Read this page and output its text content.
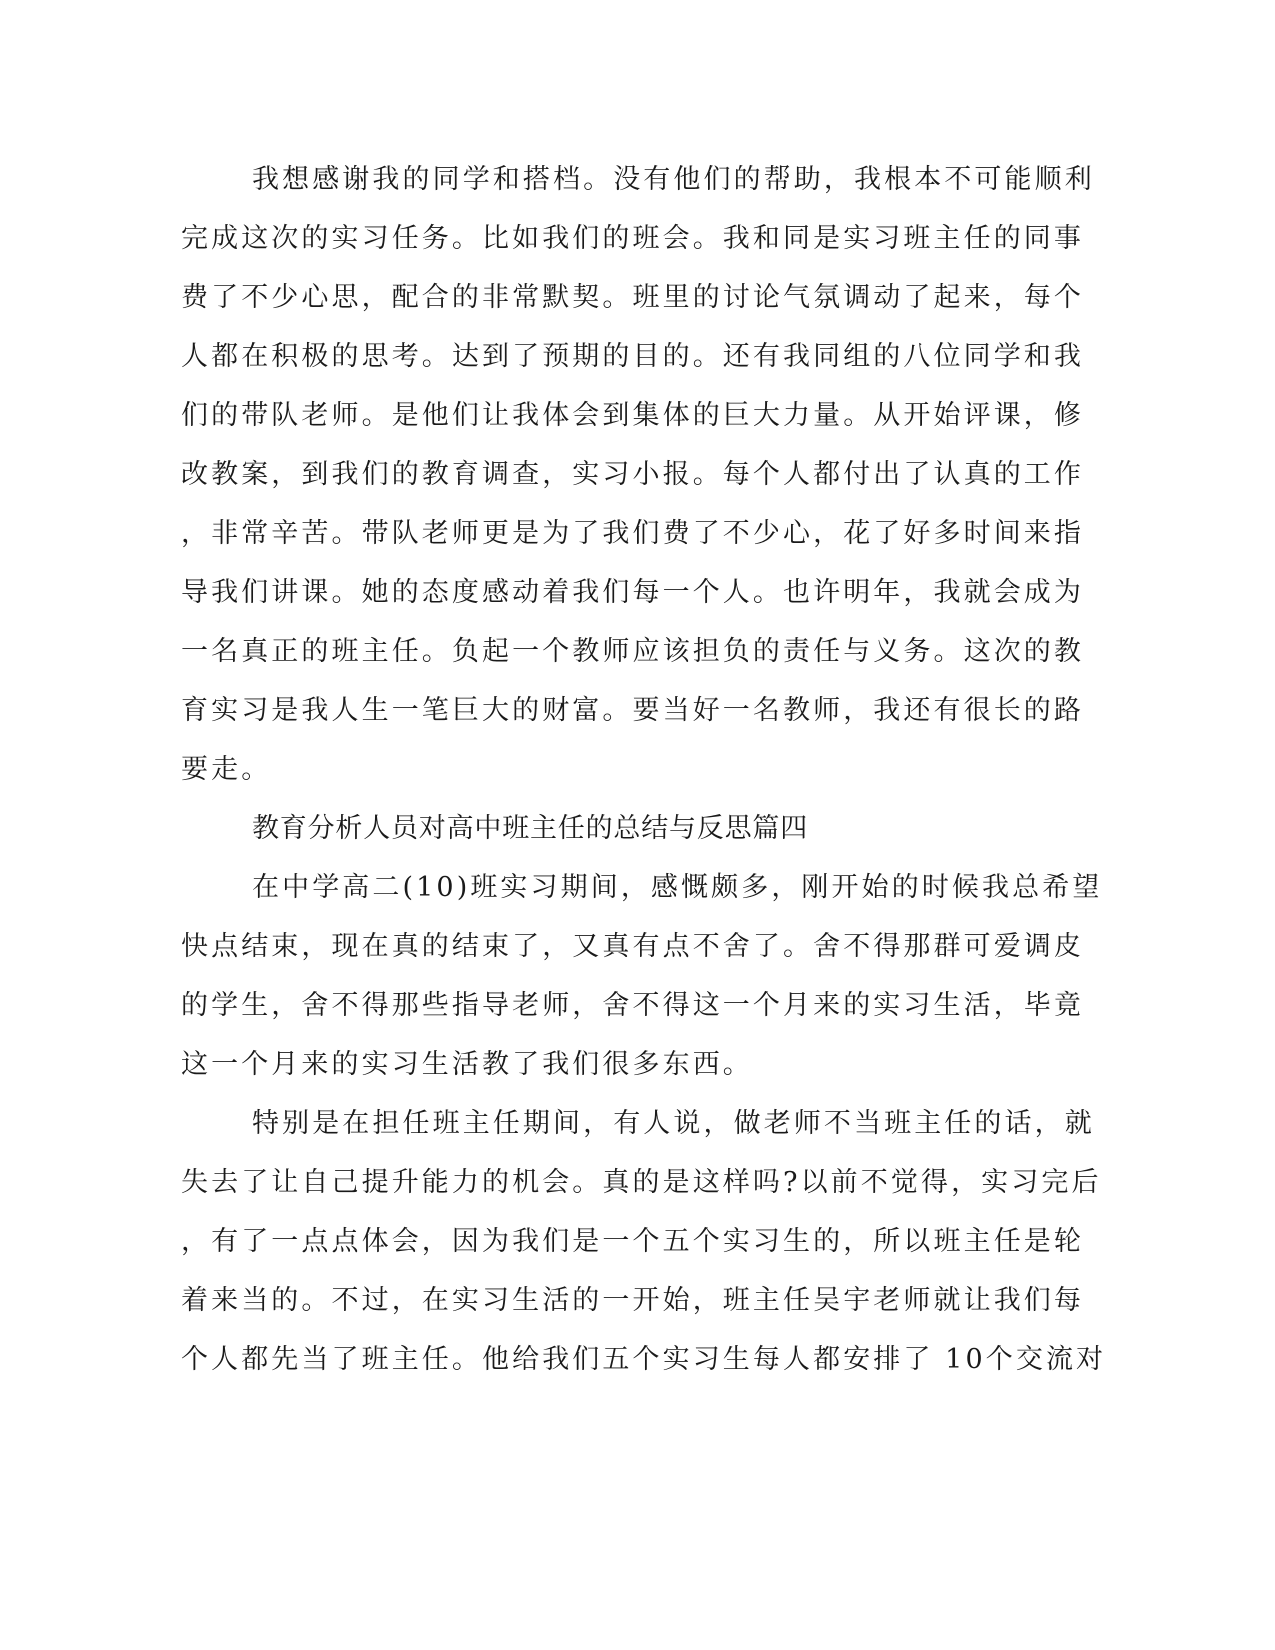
我想感谢我的同学和搭档。没有他们的帮助，我根本不可能顺利
完成这次的实习任务。比如我们的班会。我和同是实习班主任的同事
费了不少心思，配合的非常默契。班里的讨论气氛调动了起来，每个
人都在积极的思考。达到了预期的目的。还有我同组的八位同学和我
们的带队老师。是他们让我体会到集体的巨大力量。从开始评课，修
改教案，到我们的教育调查，实习小报。每个人都付出了认真的工作
，非常辛苦。带队老师更是为了我们费了不少心，花了好多时间来指
导我们讲课。她的态度感动着我们每一个人。也许明年，我就会成为
一名真正的班主任。负起一个教师应该担负的责任与义务。这次的教
育实习是我人生一笔巨大的财富。要当好一名教师，我还有很长的路
要走。
教育分析人员对高中班主任的总结与反思篇四
在中学高二(10)班实习期间，感慨颇多，刚开始的时候我总希望
快点结束，现在真的结束了，又真有点不舍了。舍不得那群可爱调皮
的学生，舍不得那些指导老师，舍不得这一个月来的实习生活，毕竟
这一个月来的实习生活教了我们很多东西。
特别是在担任班主任期间，有人说，做老师不当班主任的话，就
失去了让自己提升能力的机会。真的是这样吗?以前不觉得，实习完后
，有了一点点体会，因为我们是一个五个实习生的，所以班主任是轮
着来当的。不过，在实习生活的一开始，班主任吴宇老师就让我们每
个人都先当了班主任。他给我们五个实习生每人都安排了 10个交流对
